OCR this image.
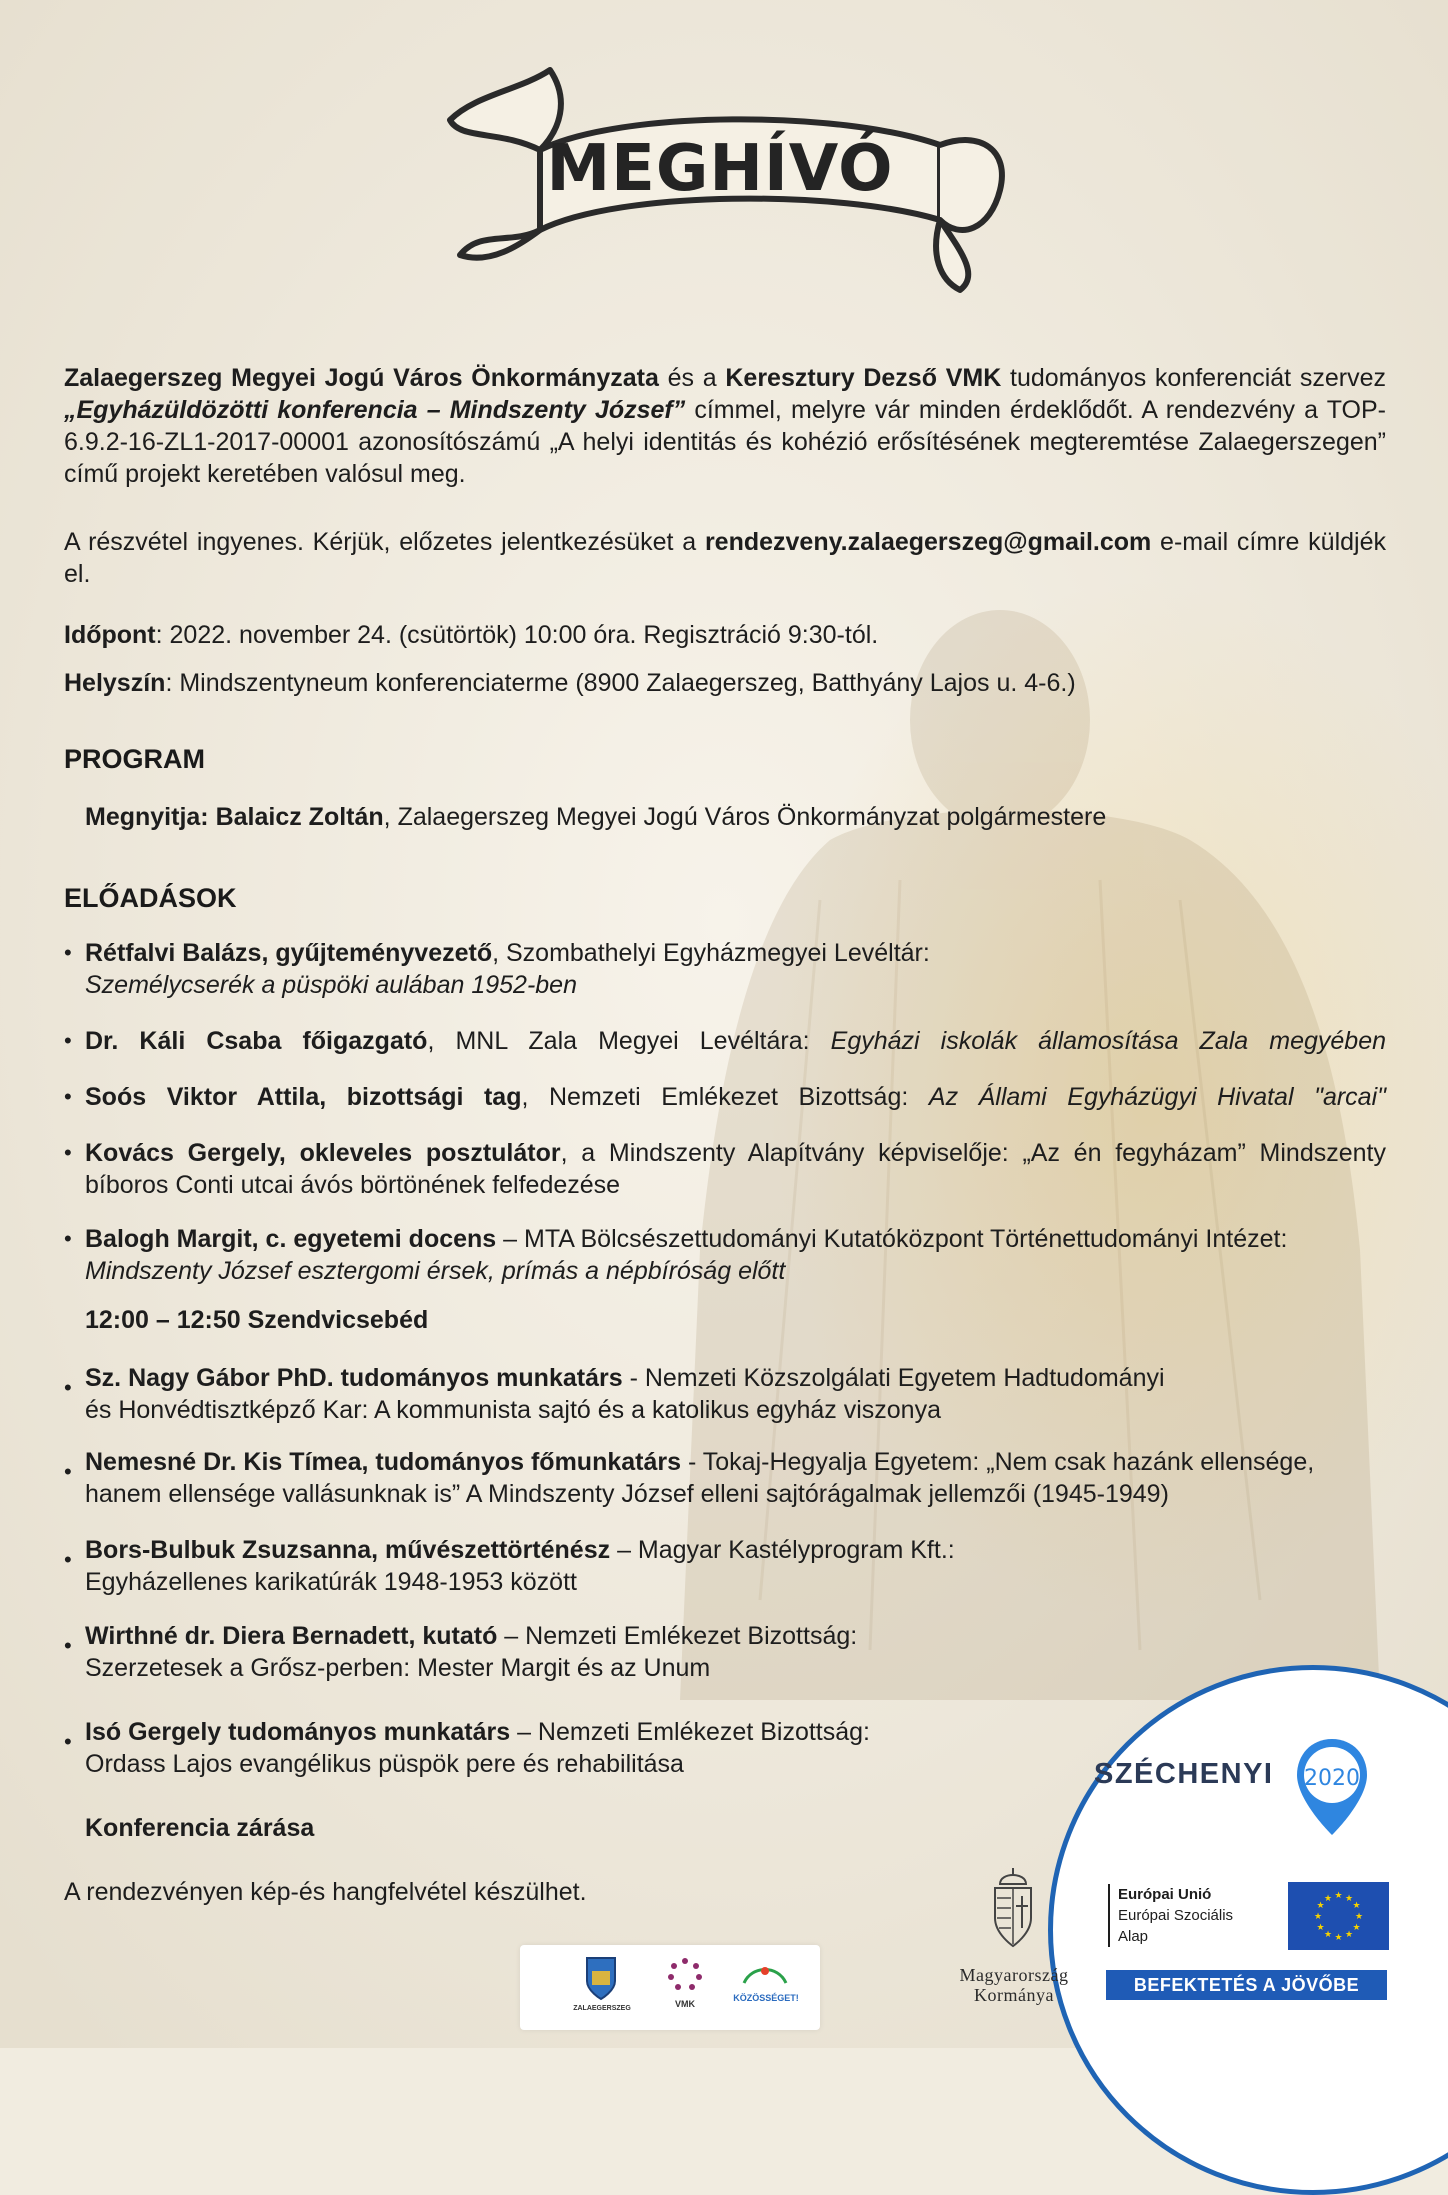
MEGHÍVÓ
Zalaegerszeg Megyei Jogú Város Önkormányzata és a Keresztury Dezső VMK tudományos konferenciát szervez „Egyházüldözötti konferencia – Mindszenty József” címmel, melyre vár minden érdeklődőt. A rendezvény a TOP-6.9.2-16-ZL1-2017-00001 azonosítószámú „A helyi identitás és kohézió erősítésének megteremtése Zalaegerszegen” című projekt keretében valósul meg.
A részvétel ingyenes. Kérjük, előzetes jelentkezésüket a rendezveny.zalaegerszeg@gmail.com e-mail címre küldjék el.
Időpont: 2022. november 24. (csütörtök) 10:00 óra. Regisztráció 9:30-tól.
Helyszín: Mindszentyneum konferenciaterme (8900 Zalaegerszeg, Batthyány Lajos u. 4-6.)
PROGRAM
Megnyitja: Balaicz Zoltán, Zalaegerszeg Megyei Jogú Város Önkormányzat polgármestere
ELŐADÁSOK
• Rétfalvi Balázs, gyűjteményvezető, Szombathelyi Egyházmegyei Levéltár:
Személycserék a püspöki aulában 1952-ben
• Dr. Káli Csaba főigazgató, MNL Zala Megyei Levéltára: Egyházi iskolák államosítása Zala megyében
• Soós Viktor Attila, bizottsági tag, Nemzeti Emlékezet Bizottság: Az Állami Egyházügyi Hivatal "arcai"
• Kovács Gergely, okleveles posztulátor, a Mindszenty Alapítvány képviselője: „Az én fegyházam” Mindszenty bíboros Conti utcai ávós börtönének felfedezése
• Balogh Margit, c. egyetemi docens – MTA Bölcsészettudományi Kutatóközpont Történettudományi Intézet:
Mindszenty József esztergomi érsek, prímás a népbíróság előtt
12:00 – 12:50 Szendvicsebéd
• Sz. Nagy Gábor PhD. tudományos munkatárs - Nemzeti Közszolgálati Egyetem Hadtudományi
és Honvédtisztképző Kar: A kommunista sajtó és a katolikus egyház viszonya
• Nemesné Dr. Kis Tímea, tudományos főmunkatárs - Tokaj-Hegyalja Egyetem: „Nem csak hazánk ellensége,
hanem ellensége vallásunknak is” A Mindszenty József elleni sajtórágalmak jellemzői (1945-1949)
• Bors-Bulbuk Zsuzsanna, művészettörténész – Magyar Kastélyprogram Kft.:
Egyházellenes karikatúrák 1948-1953 között
• Wirthné dr. Diera Bernadett, kutató – Nemzeti Emlékezet Bizottság:
Szerzetesek a Grősz-perben: Mester Margit és az Unum
• Isó Gergely tudományos munkatárs – Nemzeti Emlékezet Bizottság:
Ordass Lajos evangélikus püspök pere és rehabilitása
Konferencia zárása
A rendezvényen kép-és hangfelvétel készülhet.
ZALAEGERSZEG	VMK
KÖZÖSSÉGET!
SZÉCHENYI 2020
Magyarország
Kormánya
Európai Unió
Európai Szociális
Alap
★ ★
★
★
★
★
★
★
★
★
★
★
BEFEKTETÉS A JÖVŐBE
